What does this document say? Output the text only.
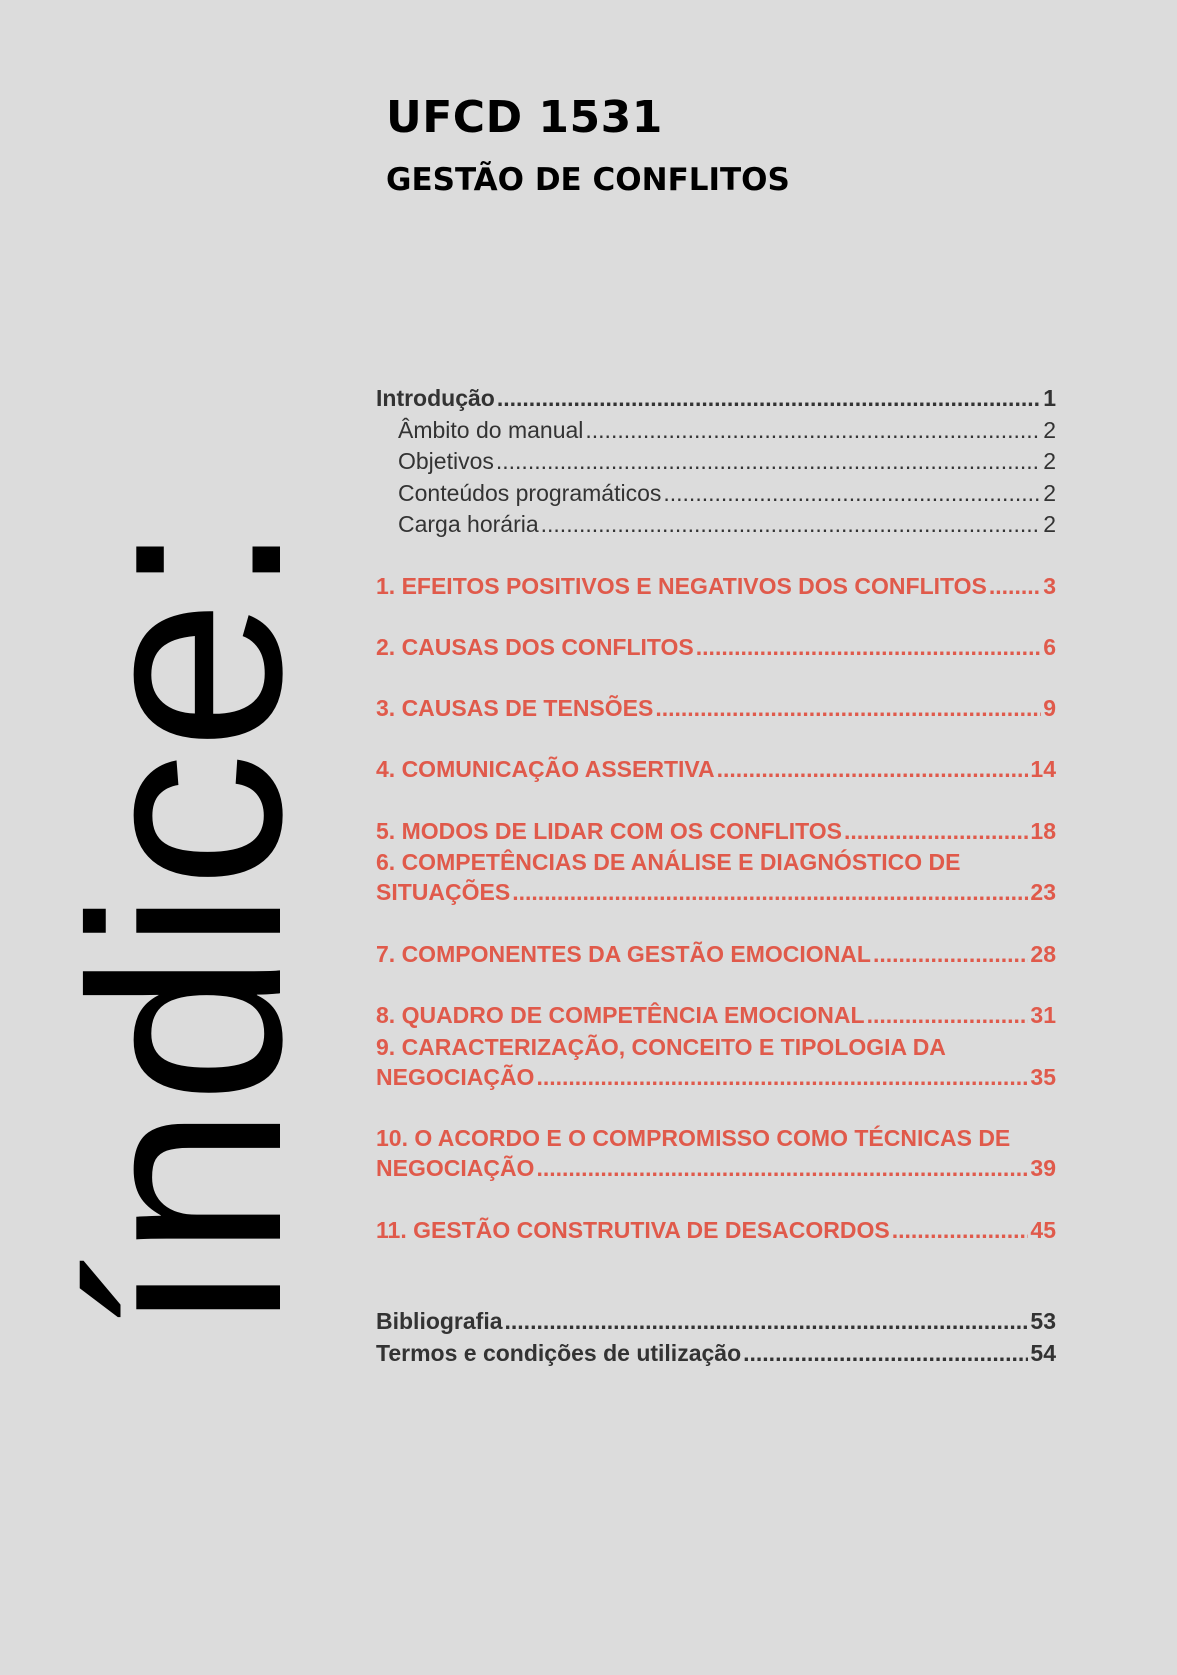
UFCD 1531
GESTÃO DE CONFLITOS
índice:
Introdução .....	1
Âmbito do manual .....	2
Objetivos .....	2
Conteúdos programáticos .....	2
Carga horária .....	2
1. EFEITOS POSITIVOS E NEGATIVOS DOS CONFLITOS ..... 3
2. CAUSAS DOS CONFLITOS .....	6
3. CAUSAS DE TENSÕES .....	9
4. COMUNICAÇÃO ASSERTIVA .....	14
5. MODOS DE LIDAR COM OS CONFLITOS .....	18
6. COMPETÊNCIAS DE ANÁLISE E DIAGNÓSTICO DE
SITUAÇÕES .....	23
7. COMPONENTES DA GESTÃO EMOCIONAL .....	28
8. QUADRO DE COMPETÊNCIA EMOCIONAL .....	31
9. CARACTERIZAÇÃO, CONCEITO E TIPOLOGIA DA
NEGOCIAÇÃO .....	35
10. O ACORDO E O COMPROMISSO COMO TÉCNICAS DE
NEGOCIAÇÃO .....	39
11. GESTÃO CONSTRUTIVA DE DESACORDOS .....	45
Bibliografia .....	53
Termos e condições de utilização .....	54
